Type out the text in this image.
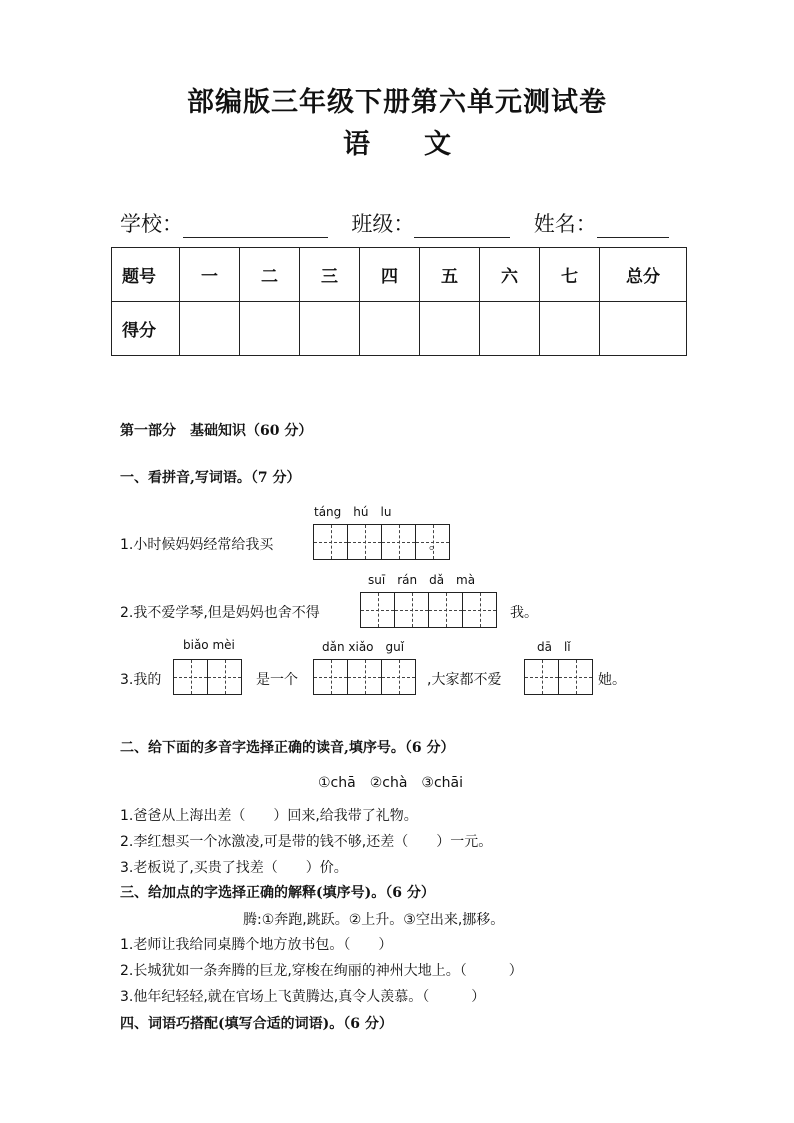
部编版三年级下册第六单元测试卷
语　　文
学校：	班级：	姓名：
题号	一	二	三	四	五	六	七	总分
得分								
第一部分　基础知识（60 分）
一、看拼音,写词语。（7 分）
táng　hú　lu
1.小时候妈妈经常给我买	。
suī　rán　dǎ　mà
2.我不爱学琴,但是妈妈也舍不得	我。
biǎo mèi	dǎn xiǎo　guǐ	dā　lǐ
3.我的	是一个	,大家都不爱	她。
二、给下面的多音字选择正确的读音,填序号。（6 分）
①chā　②chà　③chāi
1.爸爸从上海出差（　　）回来,给我带了礼物。
2.李红想买一个冰激凌,可是带的钱不够,还差（　　）一元。
3.老板说了,买贵了找差（　　）价。
三、给加点的字选择正确的解释(填序号)。（6 分）
腾:①奔跑,跳跃。②上升。③空出来,挪移。
1.老师让我给同桌腾个地方放书包。（　　）
2.长城犹如一条奔腾的巨龙,穿梭在绚丽的神州大地上。（　　　）
3.他年纪轻轻,就在官场上飞黄腾达,真令人羡慕。（　　　）
四、词语巧搭配(填写合适的词语)。（6 分）
